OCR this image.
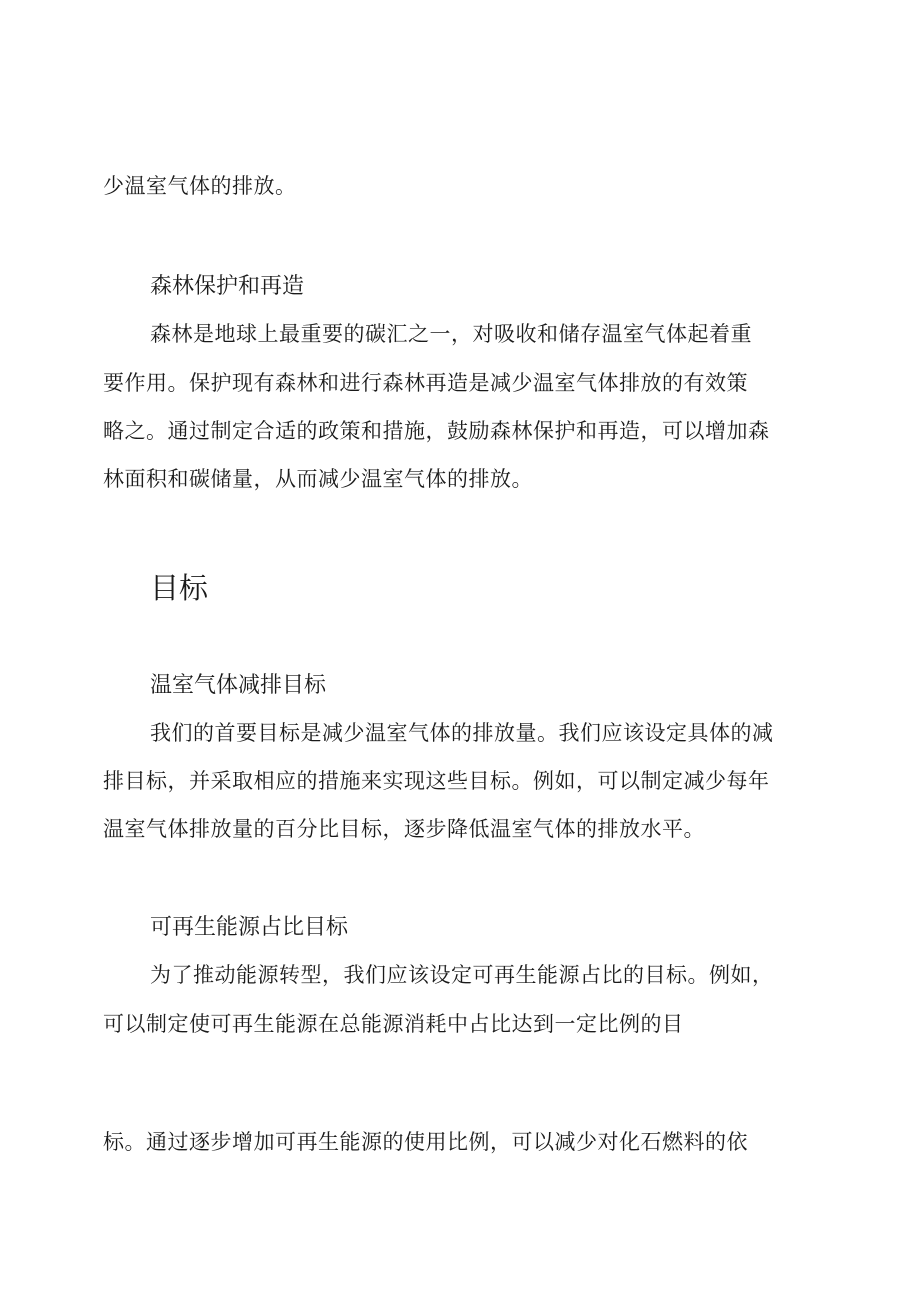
少温室气体的排放。
森林保护和再造
森林是地球上最重要的碳汇之一，对吸收和储存温室气体起着重
要作用。保护现有森林和进行森林再造是减少温室气体排放的有效策
略之。通过制定合适的政策和措施，鼓励森林保护和再造，可以增加森
林面积和碳储量，从而减少温室气体的排放。
目标
温室气体减排目标
我们的首要目标是减少温室气体的排放量。我们应该设定具体的减
排目标，并采取相应的措施来实现这些目标。例如，可以制定减少每年
温室气体排放量的百分比目标，逐步降低温室气体的排放水平。
可再生能源占比目标
为了推动能源转型，我们应该设定可再生能源占比的目标。例如，
可以制定使可再生能源在总能源消耗中占比达到一定比例的目
标。通过逐步增加可再生能源的使用比例，可以减少对化石燃料的依
